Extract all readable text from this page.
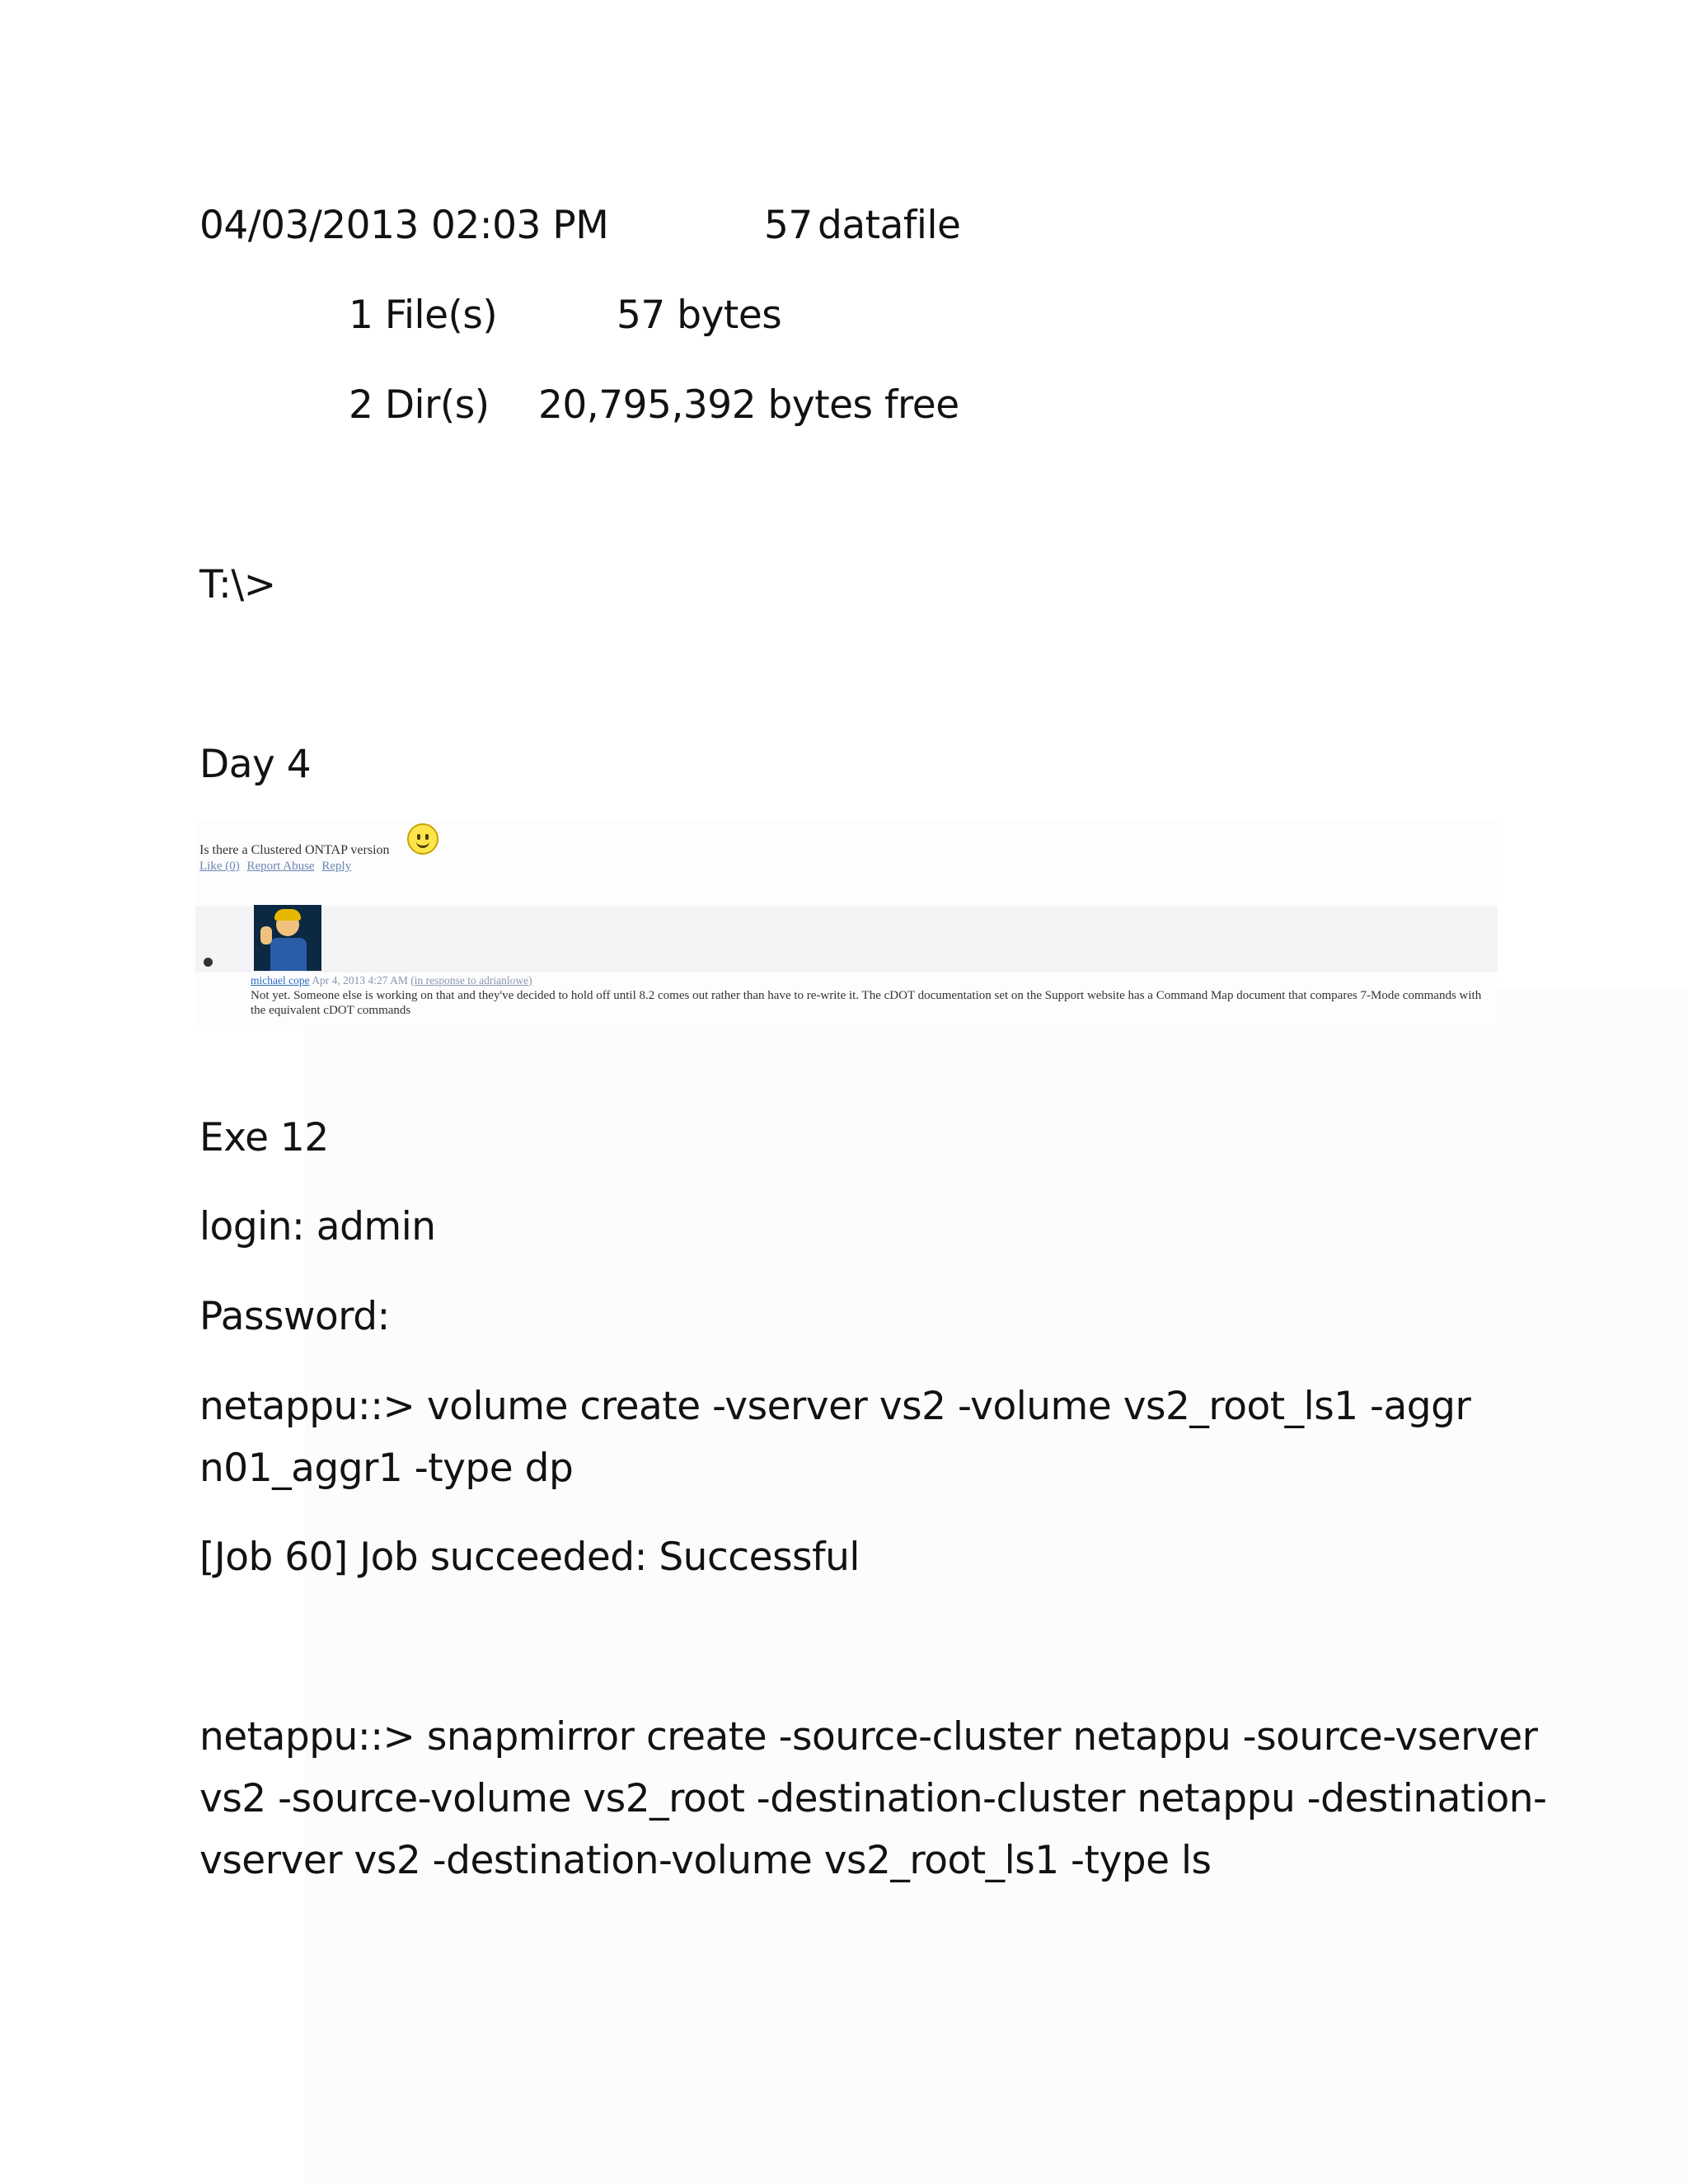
04/03/2013 02:03 PM	57 datafile
1 File(s)	57 bytes
2 Dir(s) 20,795,392 bytes free
T:\>
Day 4
Is there a Clustered ONTAP version
Like (0) Report Abuse Reply
michael cope Apr 4, 2013 4:27 AM (in response to adrianlowe)
Not yet. Someone else is working on that and they've decided to hold off until 8.2 comes out rather than have to re-write it. The cDOT documentation set on the Support website has a Command Map document that compares 7-Mode commands with the equivalent cDOT commands
Exe 12
login: admin
Password:
netappu::> volume create -vserver vs2 -volume vs2_root_ls1 -aggr n01_aggr1 -type dp
[Job 60] Job succeeded: Successful
netappu::> snapmirror create -source-cluster netappu -source-vserver vs2 -source-volume vs2_root -destination-cluster netappu -destination-vserver vs2 -destination-volume vs2_root_ls1 -type ls
